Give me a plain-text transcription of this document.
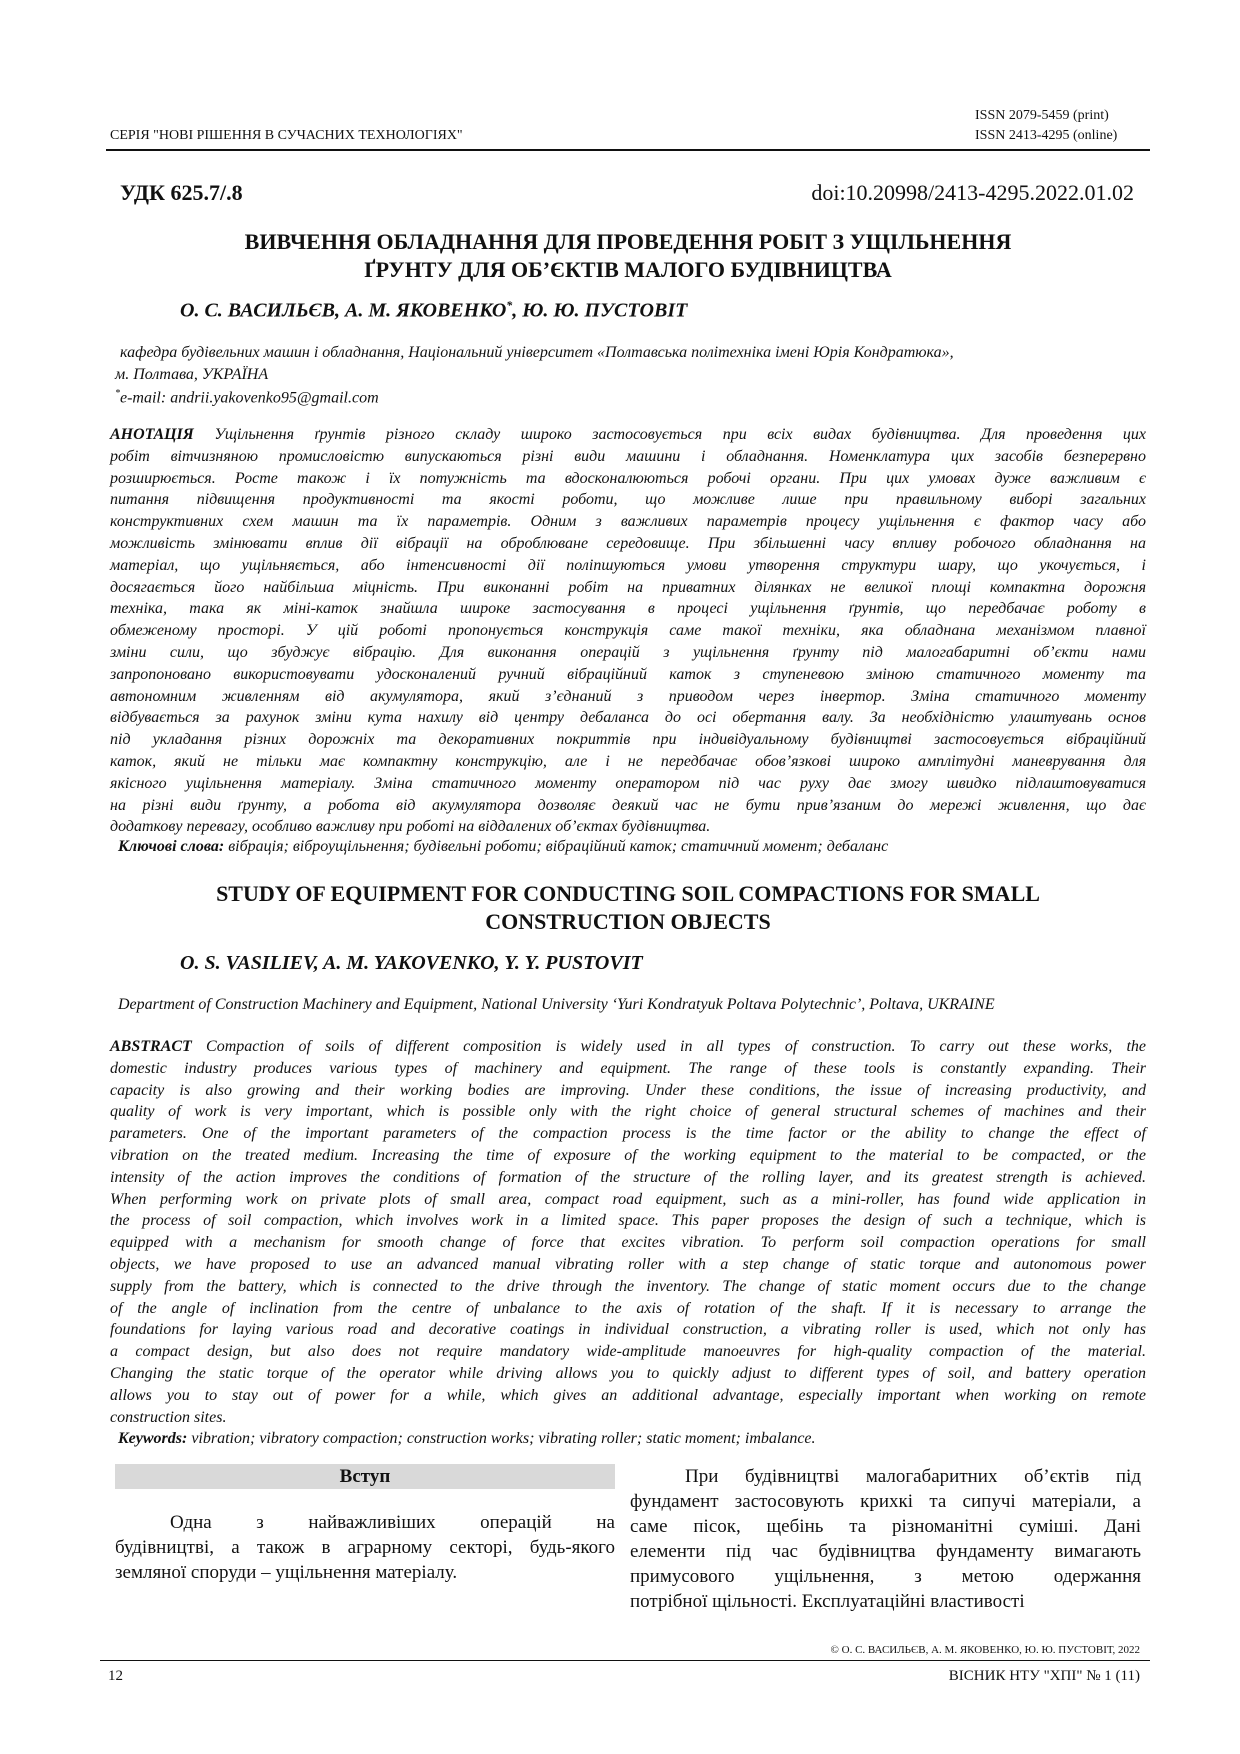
ISSN 2079-5459 (print)
ISSN 2413-4295 (online)
СЕРІЯ "НОВІ РІШЕННЯ В СУЧАСНИХ ТЕХНОЛОГІЯХ"
УДК 625.7/.8	doi:10.20998/2413-4295.2022.01.02
ВИВЧЕННЯ ОБЛАДНАННЯ ДЛЯ ПРОВЕДЕННЯ РОБІТ З УЩІЛЬНЕННЯ
ҐРУНТУ ДЛЯ ОБ’ЄКТІВ МАЛОГО БУДІВНИЦТВА
О. С. ВАСИЛЬЄВ, А. М. ЯКОВЕНКО*, Ю. Ю. ПУСТОВІТ
кафедра будівельних машин і обладнання, Національний університет «Полтавська політехніка імені Юрія Кондратюка»,
м. Полтава, УКРАЇНА
*e-mail: andrii.yakovenko95@gmail.com
АНОТАЦІЯ Ущільнення ґрунтів різного складу широко застосовується при всіх видах будівництва. Для проведення цих
робіт вітчизняною промисловістю випускаються різні види машини і обладнання. Номенклатура цих засобів безперервно
розширюється. Росте також і їх потужність та вдосконалюються робочі органи. При цих умовах дуже важливим є
питання підвищення продуктивності та якості роботи, що можливе лише при правильному виборі загальних
конструктивних схем машин та їх параметрів. Одним з важливих параметрів процесу ущільнення є фактор часу або
можливість змінювати вплив дії вібрації на оброблюване середовище. При збільшенні часу впливу робочого обладнання на
матеріал, що ущільняється, або інтенсивності дії поліпшуються умови утворення структури шару, що укочується, і
досягається його найбільша міцність. При виконанні робіт на приватних ділянках не великої площі компактна дорожня
техніка, така як міні-каток знайшла широке застосування в процесі ущільнення ґрунтів, що передбачає роботу в
обмеженому просторі. У цій роботі пропонується конструкція саме такої техніки, яка обладнана механізмом плавної
зміни сили, що збуджує вібрацію. Для виконання операцій з ущільнення ґрунту під малогабаритні об’єкти нами
запропоновано використовувати удосконалений ручний вібраційний каток з ступеневою зміною статичного моменту та
автономним живленням від акумулятора, який з’єднаний з приводом через інвертор. Зміна статичного моменту
відбувається за рахунок зміни кута нахилу від центру дебаланса до осі обертання валу. За необхідністю улаштувань основ
під укладання різних дорожніх та декоративних покриттів при індивідуальному будівництві застосовується вібраційний
каток, який не тільки має компактну конструкцію, але і не передбачає обов’язкові широко амплітудні маневрування для
якісного ущільнення матеріалу. Зміна статичного моменту оператором під час руху дає змогу швидко підлаштовуватися
на різні види ґрунту, а робота від акумулятора дозволяє деякий час не бути прив’язаним до мережі живлення, що дає
додаткову перевагу, особливо важливу при роботі на віддалених об’єктах будівництва.
Ключові слова: вібрація; віброущільнення; будівельні роботи; вібраційний каток; статичний момент; дебаланс
STUDY OF EQUIPMENT FOR CONDUCTING SOIL COMPACTIONS FOR SMALL
CONSTRUCTION OBJECTS
O. S. VASILIEV, A. M. YAKOVENKO, Y. Y. PUSTOVIT
Department of Construction Machinery and Equipment, National University ‘Yuri Kondratyuk Poltava Polytechnic’, Poltava, UKRAINE
ABSTRACT Compaction of soils of different composition is widely used in all types of construction. To carry out these works, the
domestic industry produces various types of machinery and equipment. The range of these tools is constantly expanding. Their
capacity is also growing and their working bodies are improving. Under these conditions, the issue of increasing productivity, and
quality of work is very important, which is possible only with the right choice of general structural schemes of machines and their
parameters. One of the important parameters of the compaction process is the time factor or the ability to change the effect of
vibration on the treated medium. Increasing the time of exposure of the working equipment to the material to be compacted, or the
intensity of the action improves the conditions of formation of the structure of the rolling layer, and its greatest strength is achieved.
When performing work on private plots of small area, compact road equipment, such as a mini-roller, has found wide application in
the process of soil compaction, which involves work in a limited space. This paper proposes the design of such a technique, which is
equipped with a mechanism for smooth change of force that excites vibration. To perform soil compaction operations for small
objects, we have proposed to use an advanced manual vibrating roller with a step change of static torque and autonomous power
supply from the battery, which is connected to the drive through the inventory. The change of static moment occurs due to the change
of the angle of inclination from the centre of unbalance to the axis of rotation of the shaft. If it is necessary to arrange the
foundations for laying various road and decorative coatings in individual construction, a vibrating roller is used, which not only has
a compact design, but also does not require mandatory wide-amplitude manoeuvres for high-quality compaction of the material.
Changing the static torque of the operator while driving allows you to quickly adjust to different types of soil, and battery operation
allows you to stay out of power for a while, which gives an additional advantage, especially important when working on remote
construction sites.
Keywords: vibration; vibratory compaction; construction works; vibrating roller; static moment; imbalance.
Вступ
Одна з найважливіших операцій на
будівництві, а також в аграрному секторі, будь-якого
земляної споруди – ущільнення матеріалу.
При будівництві малогабаритних об’єктів під
фундамент застосовують крихкі та сипучі матеріали, а
саме пісок, щебінь та різноманітні суміші. Дані
елементи під час будівництва фундаменту вимагають
примусового ущільнення, з метою одержання
потрібної щільності. Експлуатаційні властивості
© О. С. ВАСИЛЬЄВ, А. М. ЯКОВЕНКО, Ю. Ю. ПУСТОВІТ, 2022
12	ВІСНИК НТУ "ХПІ" № 1 (11)
